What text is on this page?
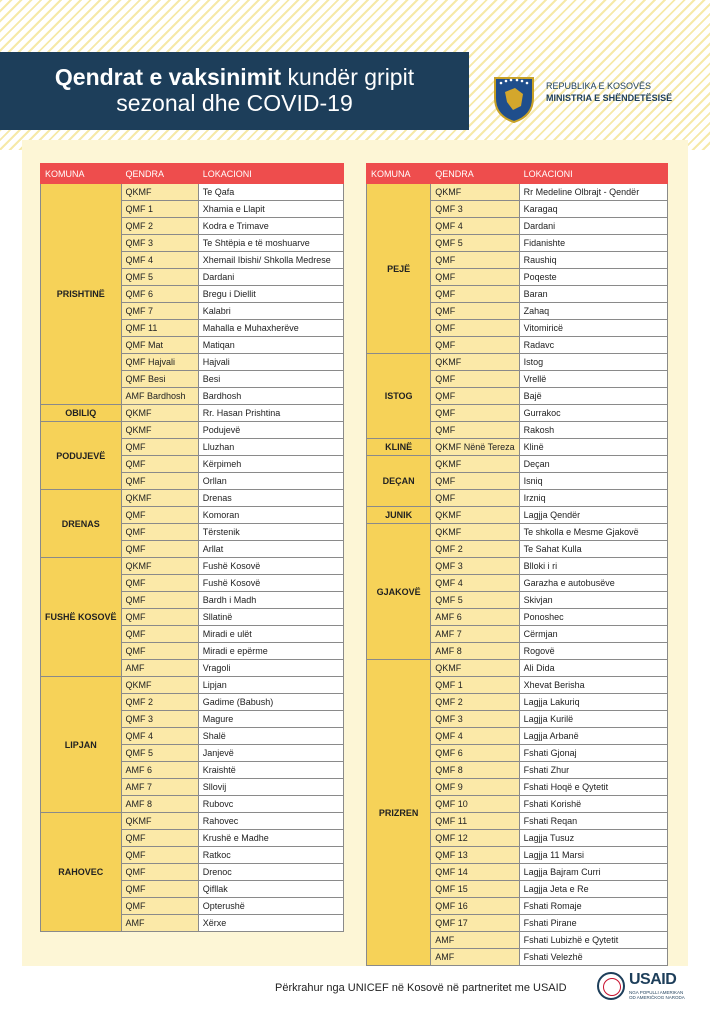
Qendrat e vaksinimit kundër gripit
sezonal dhe COVID-19
REPUBLIKA E KOSOVËS
MINISTRIA E SHËNDETËSISË
KOMUNA	QENDRA	LOKACIONI
PRISHTINË	QKMF	Te Qafa
	QMF 1	Xhamia e Llapit
	QMF 2	Kodra e Trimave
	QMF 3	Te Shtëpia e të moshuarve
	QMF 4	Xhemail Ibishi/ Shkolla Medrese
	QMF 5	Dardani
	QMF 6	Bregu i Diellit
	QMF 7	Kalabri
	QMF 11	Mahalla e Muhaxherëve
	QMF Mat	Matiqan
	QMF Hajvali	Hajvali
	QMF Besi	Besi
	AMF Bardhosh	Bardhosh
OBILIQ	QKMF	Rr. Hasan Prishtina
PODUJEVË	QKMF	Podujevë
	QMF	Lluzhan
	QMF	Kërpimeh
	QMF	Orllan
DRENAS	QKMF	Drenas
	QMF	Komoran
	QMF	Tërstenik
	QMF	Arllat
FUSHË KOSOVË	QKMF	Fushë Kosovë
	QMF	Fushë Kosovë
	QMF	Bardh i Madh
	QMF	Sllatinë
	QMF	Miradi e ulët
	QMF	Miradi e epërme
	AMF	Vragoli
LIPJAN	QKMF	Lipjan
	QMF 2	Gadime (Babush)
	QMF 3	Magure
	QMF 4	Shalë
	QMF 5	Janjevë
	AMF 6	Kraishtë
	AMF 7	Sllovij
	AMF 8	Rubovc
RAHOVEC	QKMF	Rahovec
	QMF	Krushë e Madhe
	QMF	Ratkoc
	QMF	Drenoc
	QMF	Qifllak
	QMF	Opterushë
	AMF	Xërxe
KOMUNA	QENDRA	LOKACIONI
PEJË	QKMF	Rr Medeline Olbrajt - Qendër
	QMF 3	Karagaq
	QMF 4	Dardani
	QMF 5	Fidanishte
	QMF	Raushiq
	QMF	Poqeste
	QMF	Baran
	QMF	Zahaq
	QMF	Vitomiricë
	QMF	Radavc
ISTOG	QKMF	Istog
	QMF	Vrellë
	QMF	Bajë
	QMF	Gurrakoc
	QMF	Rakosh
KLINË	QKMF Nënë Tereza	Klinë
DEÇAN	QKMF	Deçan
	QMF	Isniq
	QMF	Irzniq
JUNIK	QKMF	Lagjja Qendër
GJAKOVË	QKMF	Te shkolla e Mesme Gjakovë
	QMF 2	Te Sahat Kulla
	QMF 3	Blloki i ri
	QMF 4	Garazha e autobusëve
	QMF 5	Skivjan
	AMF 6	Ponoshec
	AMF 7	Cërmjan
	AMF 8	Rogovë
PRIZREN	QKMF	Ali Dida
	QMF 1	Xhevat Berisha
	QMF 2	Lagjja Lakuriq
	QMF 3	Lagjja Kurilë
	QMF 4	Lagjja Arbanë
	QMF 6	Fshati Gjonaj
	QMF 8	Fshati Zhur
	QMF 9	Fshati Hoqë e Qytetit
	QMF 10	Fshati Korishë
	QMF 11	Fshati Reqan
	QMF 12	Lagjja Tusuz
	QMF 13	Lagjja 11 Marsi
	QMF 14	Lagjja Bajram Curri
	QMF 15	Lagjja Jeta e Re
	QMF 16	Fshati Romaje
	QMF 17	Fshati Pirane
	AMF	Fshati Lubizhë e Qytetit
	AMF	Fshati Velezhë
Përkrahur nga UNICEF në Kosovë në partneritet me USAID	USAID
NGA POPULLI AMERIKAN OD AMERIČKOG NARODA
